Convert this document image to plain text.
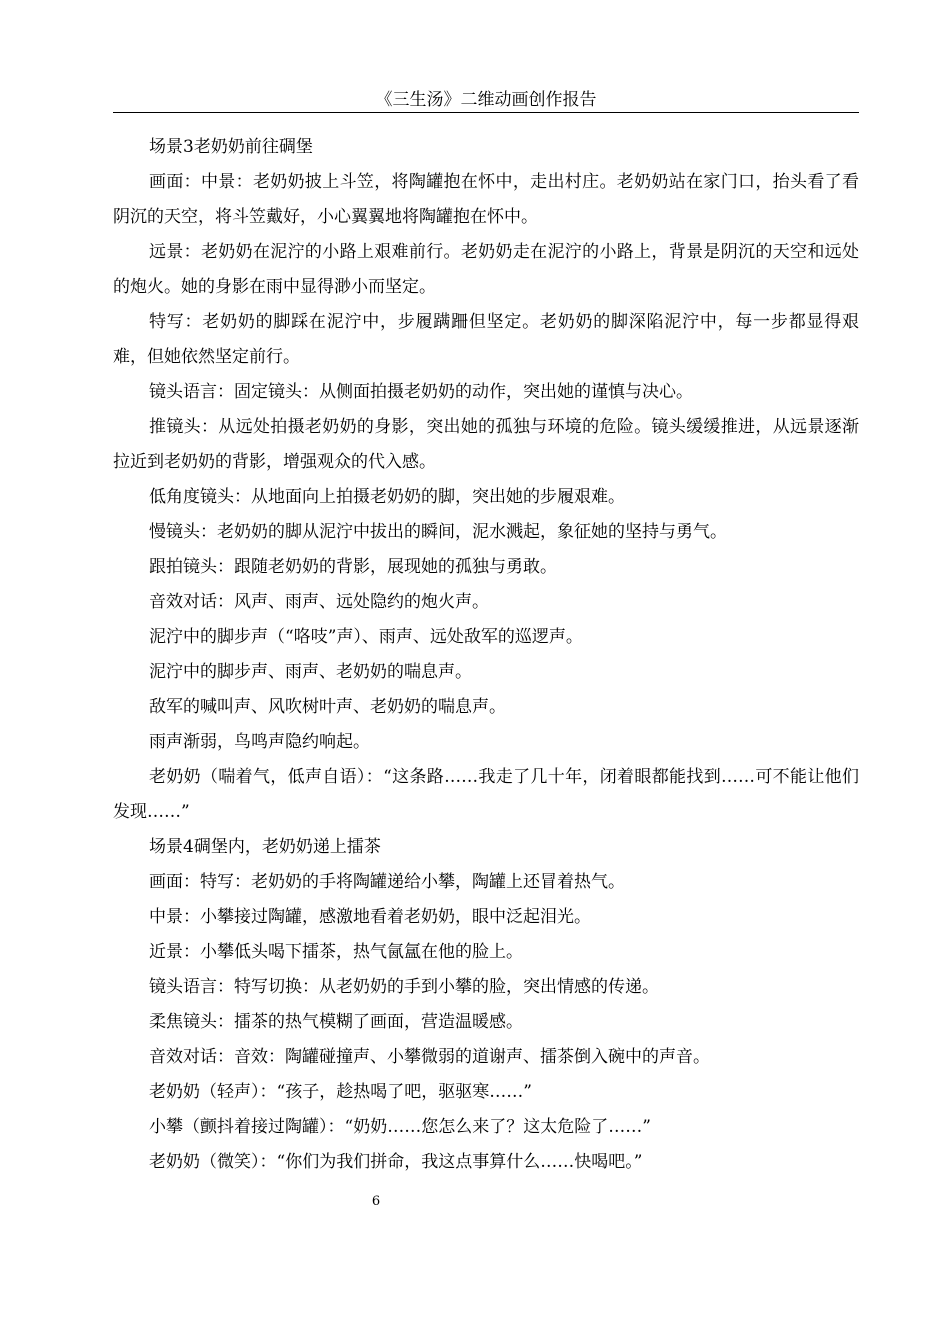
《三生汤》二维动画创作报告

场景3老奶奶前往碉堡

画面：中景：老奶奶披上斗笠，将陶罐抱在怀中，走出村庄。老奶奶站在家门口，抬头看了看阴沉的天空，将斗笠戴好，小心翼翼地将陶罐抱在怀中。

远景：老奶奶在泥泞的小路上艰难前行。老奶奶走在泥泞的小路上，背景是阴沉的天空和远处的炮火。她的身影在雨中显得渺小而坚定。

特写：老奶奶的脚踩在泥泞中，步履蹒跚但坚定。老奶奶的脚深陷泥泞中，每一步都显得艰难，但她依然坚定前行。

镜头语言：固定镜头：从侧面拍摄老奶奶的动作，突出她的谨慎与决心。

推镜头：从远处拍摄老奶奶的身影，突出她的孤独与环境的危险。镜头缓缓推进，从远景逐渐拉近到老奶奶的背影，增强观众的代入感。

低角度镜头：从地面向上拍摄老奶奶的脚，突出她的步履艰难。

慢镜头：老奶奶的脚从泥泞中拔出的瞬间，泥水溅起，象征她的坚持与勇气。

跟拍镜头：跟随老奶奶的背影，展现她的孤独与勇敢。

音效对话：风声、雨声、远处隐约的炮火声。

泥泞中的脚步声（“咯吱”声）、雨声、远处敌军的巡逻声。

泥泞中的脚步声、雨声、老奶奶的喘息声。

敌军的喊叫声、风吹树叶声、老奶奶的喘息声。

雨声渐弱，鸟鸣声隐约响起。

老奶奶（喘着气，低声自语）：“这条路……我走了几十年，闭着眼都能找到……可不能让他们发现……”

场景4碉堡内，老奶奶递上擂茶

画面：特写：老奶奶的手将陶罐递给小攀，陶罐上还冒着热气。

中景：小攀接过陶罐，感激地看着老奶奶，眼中泛起泪光。

近景：小攀低头喝下擂茶，热气氤氲在他的脸上。

镜头语言：特写切换：从老奶奶的手到小攀的脸，突出情感的传递。

柔焦镜头：擂茶的热气模糊了画面，营造温暖感。

音效对话：音效：陶罐碰撞声、小攀微弱的道谢声、擂茶倒入碗中的声音。

老奶奶（轻声）：“孩子，趁热喝了吧，驱驱寒……”

小攀（颤抖着接过陶罐）：“奶奶……您怎么来了？这太危险了……”

老奶奶（微笑）：“你们为我们拼命，我这点事算什么……快喝吧。”

6
